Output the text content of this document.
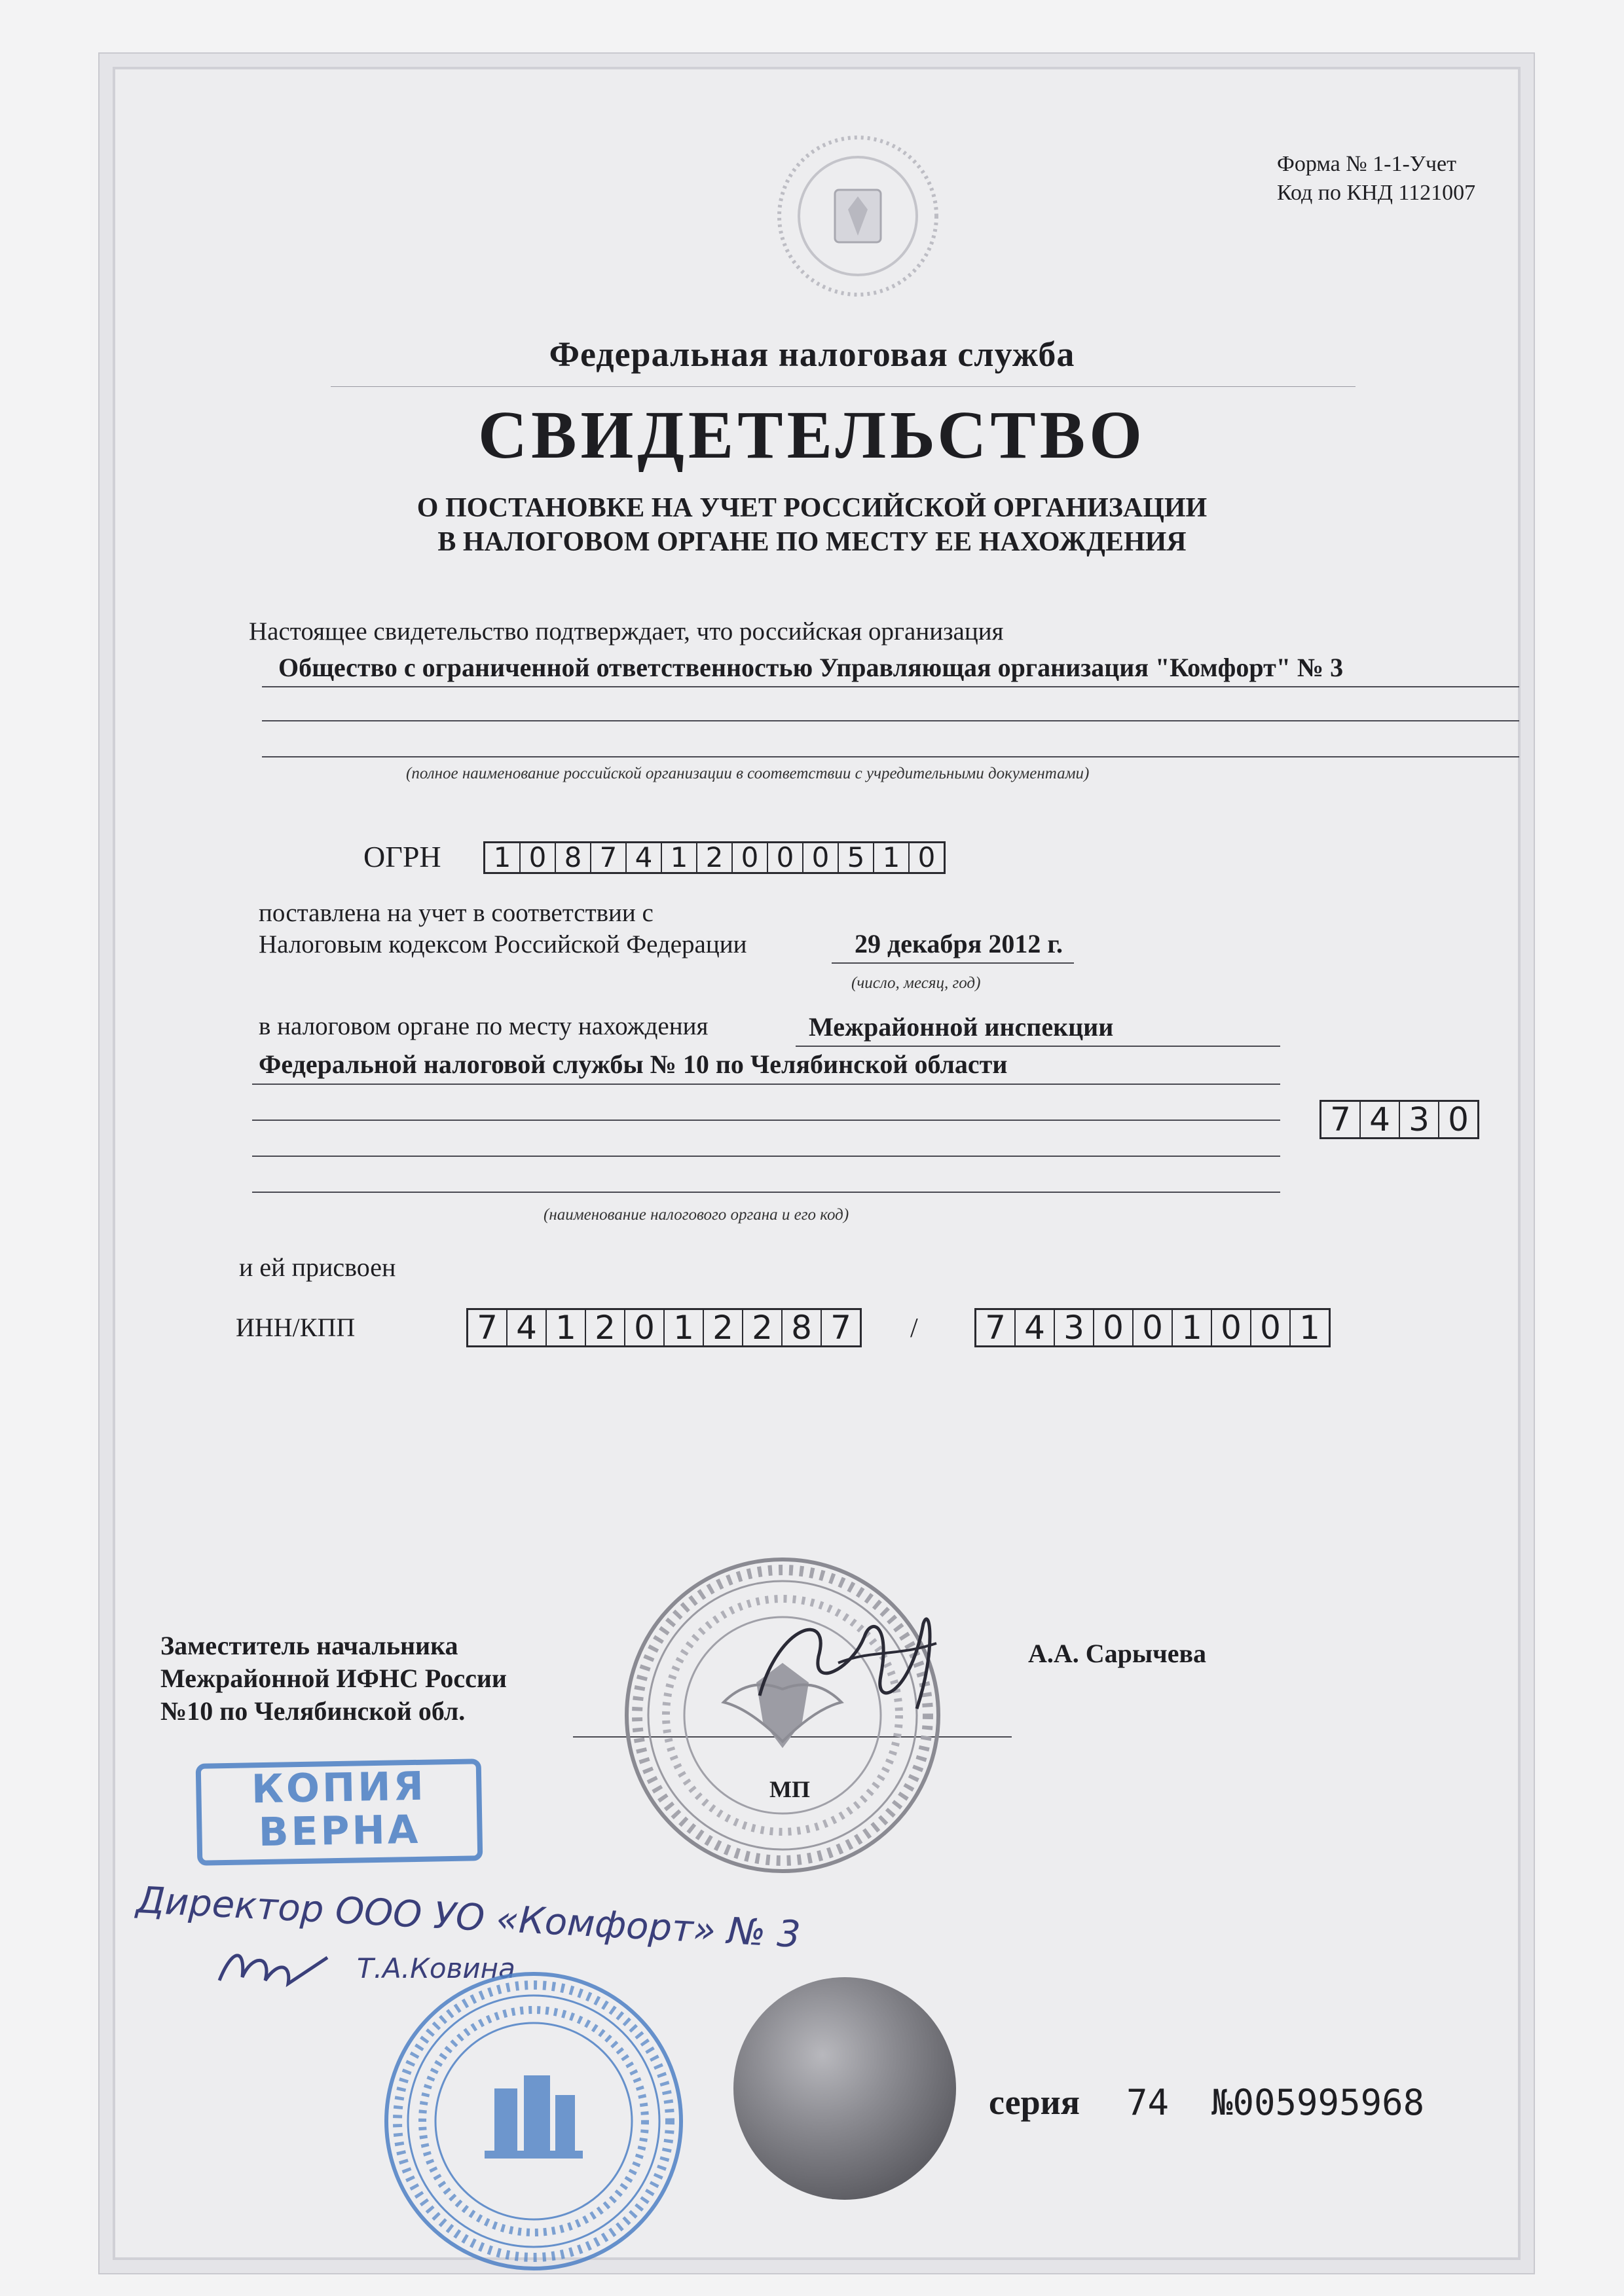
Форма № 1-1-Учет
Код по КНД 1121007
Федеральная налоговая служба
СВИДЕТЕЛЬСТВО
О ПОСТАНОВКЕ НА УЧЕТ РОССИЙСКОЙ ОРГАНИЗАЦИИ
В НАЛОГОВОМ ОРГАНЕ ПО МЕСТУ ЕЕ НАХОЖДЕНИЯ
Настоящее свидетельство подтверждает, что российская организация
Общество с ограниченной ответственностью Управляющая организация "Комфорт" № 3
(полное наименование российской организации в соответствии с учредительными документами)
ОГРН	1 0 8 7 4 1 2 0 0 0 5 1 0
поставлена на учет в соответствии с
Налоговым кодексом Российской Федерации	29 декабря 2012 г.
(число, месяц, год)
в налоговом органе по месту нахождения	Межрайонной инспекции
Федеральной налоговой службы № 10 по Челябинской области
7 4 3 0
(наименование налогового органа и его код)
и ей присвоен
ИНН/КПП	7 4 1 2 0 1 2 2 8 7	/ 7 4 3 0 0 1 0 0 1
Заместитель начальника
Межрайонной ИФНС России
№10 по Челябинской обл.
А.А. Сарычева
МП
КОПИЯ
ВЕРНА
Директор ООО УО «Комфорт» № 3
Т.А.Ковина
серия 74 №005995968
